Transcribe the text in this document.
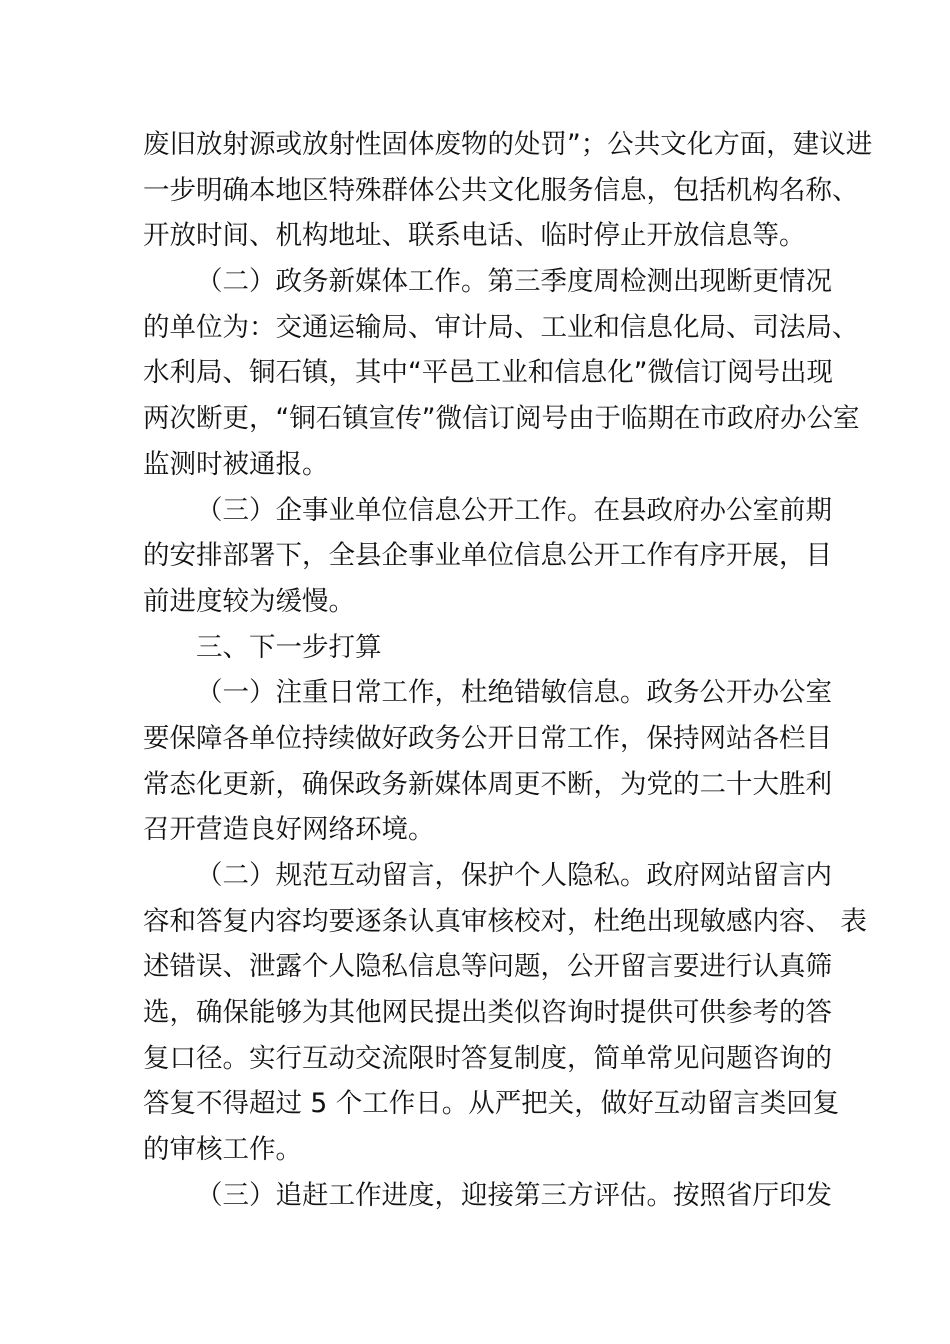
废旧放射源或放射性固体废物的处罚”；公共文化方面，建议进
一步明确本地区特殊群体公共文化服务信息，包括机构名称、
开放时间、机构地址、联系电话、临时停止开放信息等。
（二）政务新媒体工作。第三季度周检测出现断更情况
的单位为：交通运输局、审计局、工业和信息化局、司法局、
水利局、铜石镇，其中“平邑工业和信息化”微信订阅号出现
两次断更，“铜石镇宣传”微信订阅号由于临期在市政府办公室
监测时被通报。
（三）企事业单位信息公开工作。在县政府办公室前期
的安排部署下，全县企事业单位信息公开工作有序开展，目
前进度较为缓慢。
三、下一步打算
（一）注重日常工作，杜绝错敏信息。政务公开办公室
要保障各单位持续做好政务公开日常工作，保持网站各栏目
常态化更新，确保政务新媒体周更不断，为党的二十大胜利
召开营造良好网络环境。
（二）规范互动留言，保护个人隐私。政府网站留言内
容和答复内容均要逐条认真审核校对，杜绝出现敏感内容、 表
述错误、泄露个人隐私信息等问题，公开留言要进行认真筛
选，确保能够为其他网民提出类似咨询时提供可供参考的答
复口径。实行互动交流限时答复制度，简单常见问题咨询的
答复不得超过 5 个工作日。从严把关，做好互动留言类回复
的审核工作。
（三）追赶工作进度，迎接第三方评估。按照省厅印发
